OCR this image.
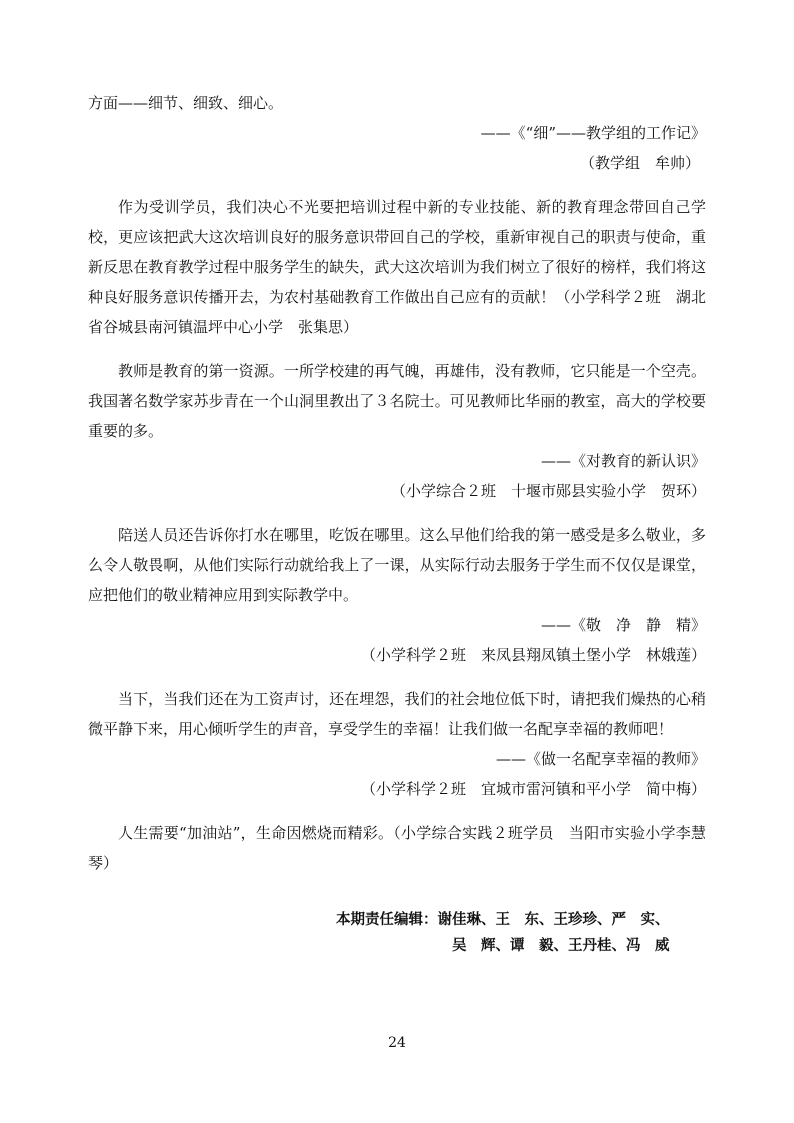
方面——细节、细致、细心。

——《“细”——教学组的工作记》

（教学组　牟帅）

作为受训学员，我们决心不光要把培训过程中新的专业技能、新的教育理念带回自己学校，更应该把武大这次培训良好的服务意识带回自己的学校，重新审视自己的职责与使命，重新反思在教育教学过程中服务学生的缺失，武大这次培训为我们树立了很好的榜样，我们将这种良好服务意识传播开去，为农村基础教育工作做出自己应有的贡献！（小学科学２班　湖北省谷城县南河镇温坪中心小学　张集思）

教师是教育的第一资源。一所学校建的再气魄，再雄伟，没有教师，它只能是一个空壳。我国著名数学家苏步青在一个山洞里教出了３名院士。可见教师比华丽的教室，高大的学校要重要的多。

——《对教育的新认识》

（小学综合２班　十堰市郧县实验小学　贺环）

陪送人员还告诉你打水在哪里，吃饭在哪里。这么早他们给我的第一感受是多么敬业，多么令人敬畏啊，从他们实际行动就给我上了一课，从实际行动去服务于学生而不仅仅是课堂，应把他们的敬业精神应用到实际教学中。

——《敬　净　静　精》

（小学科学２班　来凤县翔凤镇土堡小学　林娥莲）

当下，当我们还在为工资声讨，还在埋怨，我们的社会地位低下时，请把我们燥热的心稍微平静下来，用心倾听学生的声音，享受学生的幸福！让我们做一名配享幸福的教师吧！

——《做一名配享幸福的教师》

（小学科学２班　宜城市雷河镇和平小学　简中梅）

人生需要“加油站”，生命因燃烧而精彩。（小学综合实践２班学员　当阳市实验小学李慧琴）

本期责任编辑：谢佳琳、王　东、王珍珍、严　实、
吴　辉、谭　毅、王丹桂、冯　威
24
